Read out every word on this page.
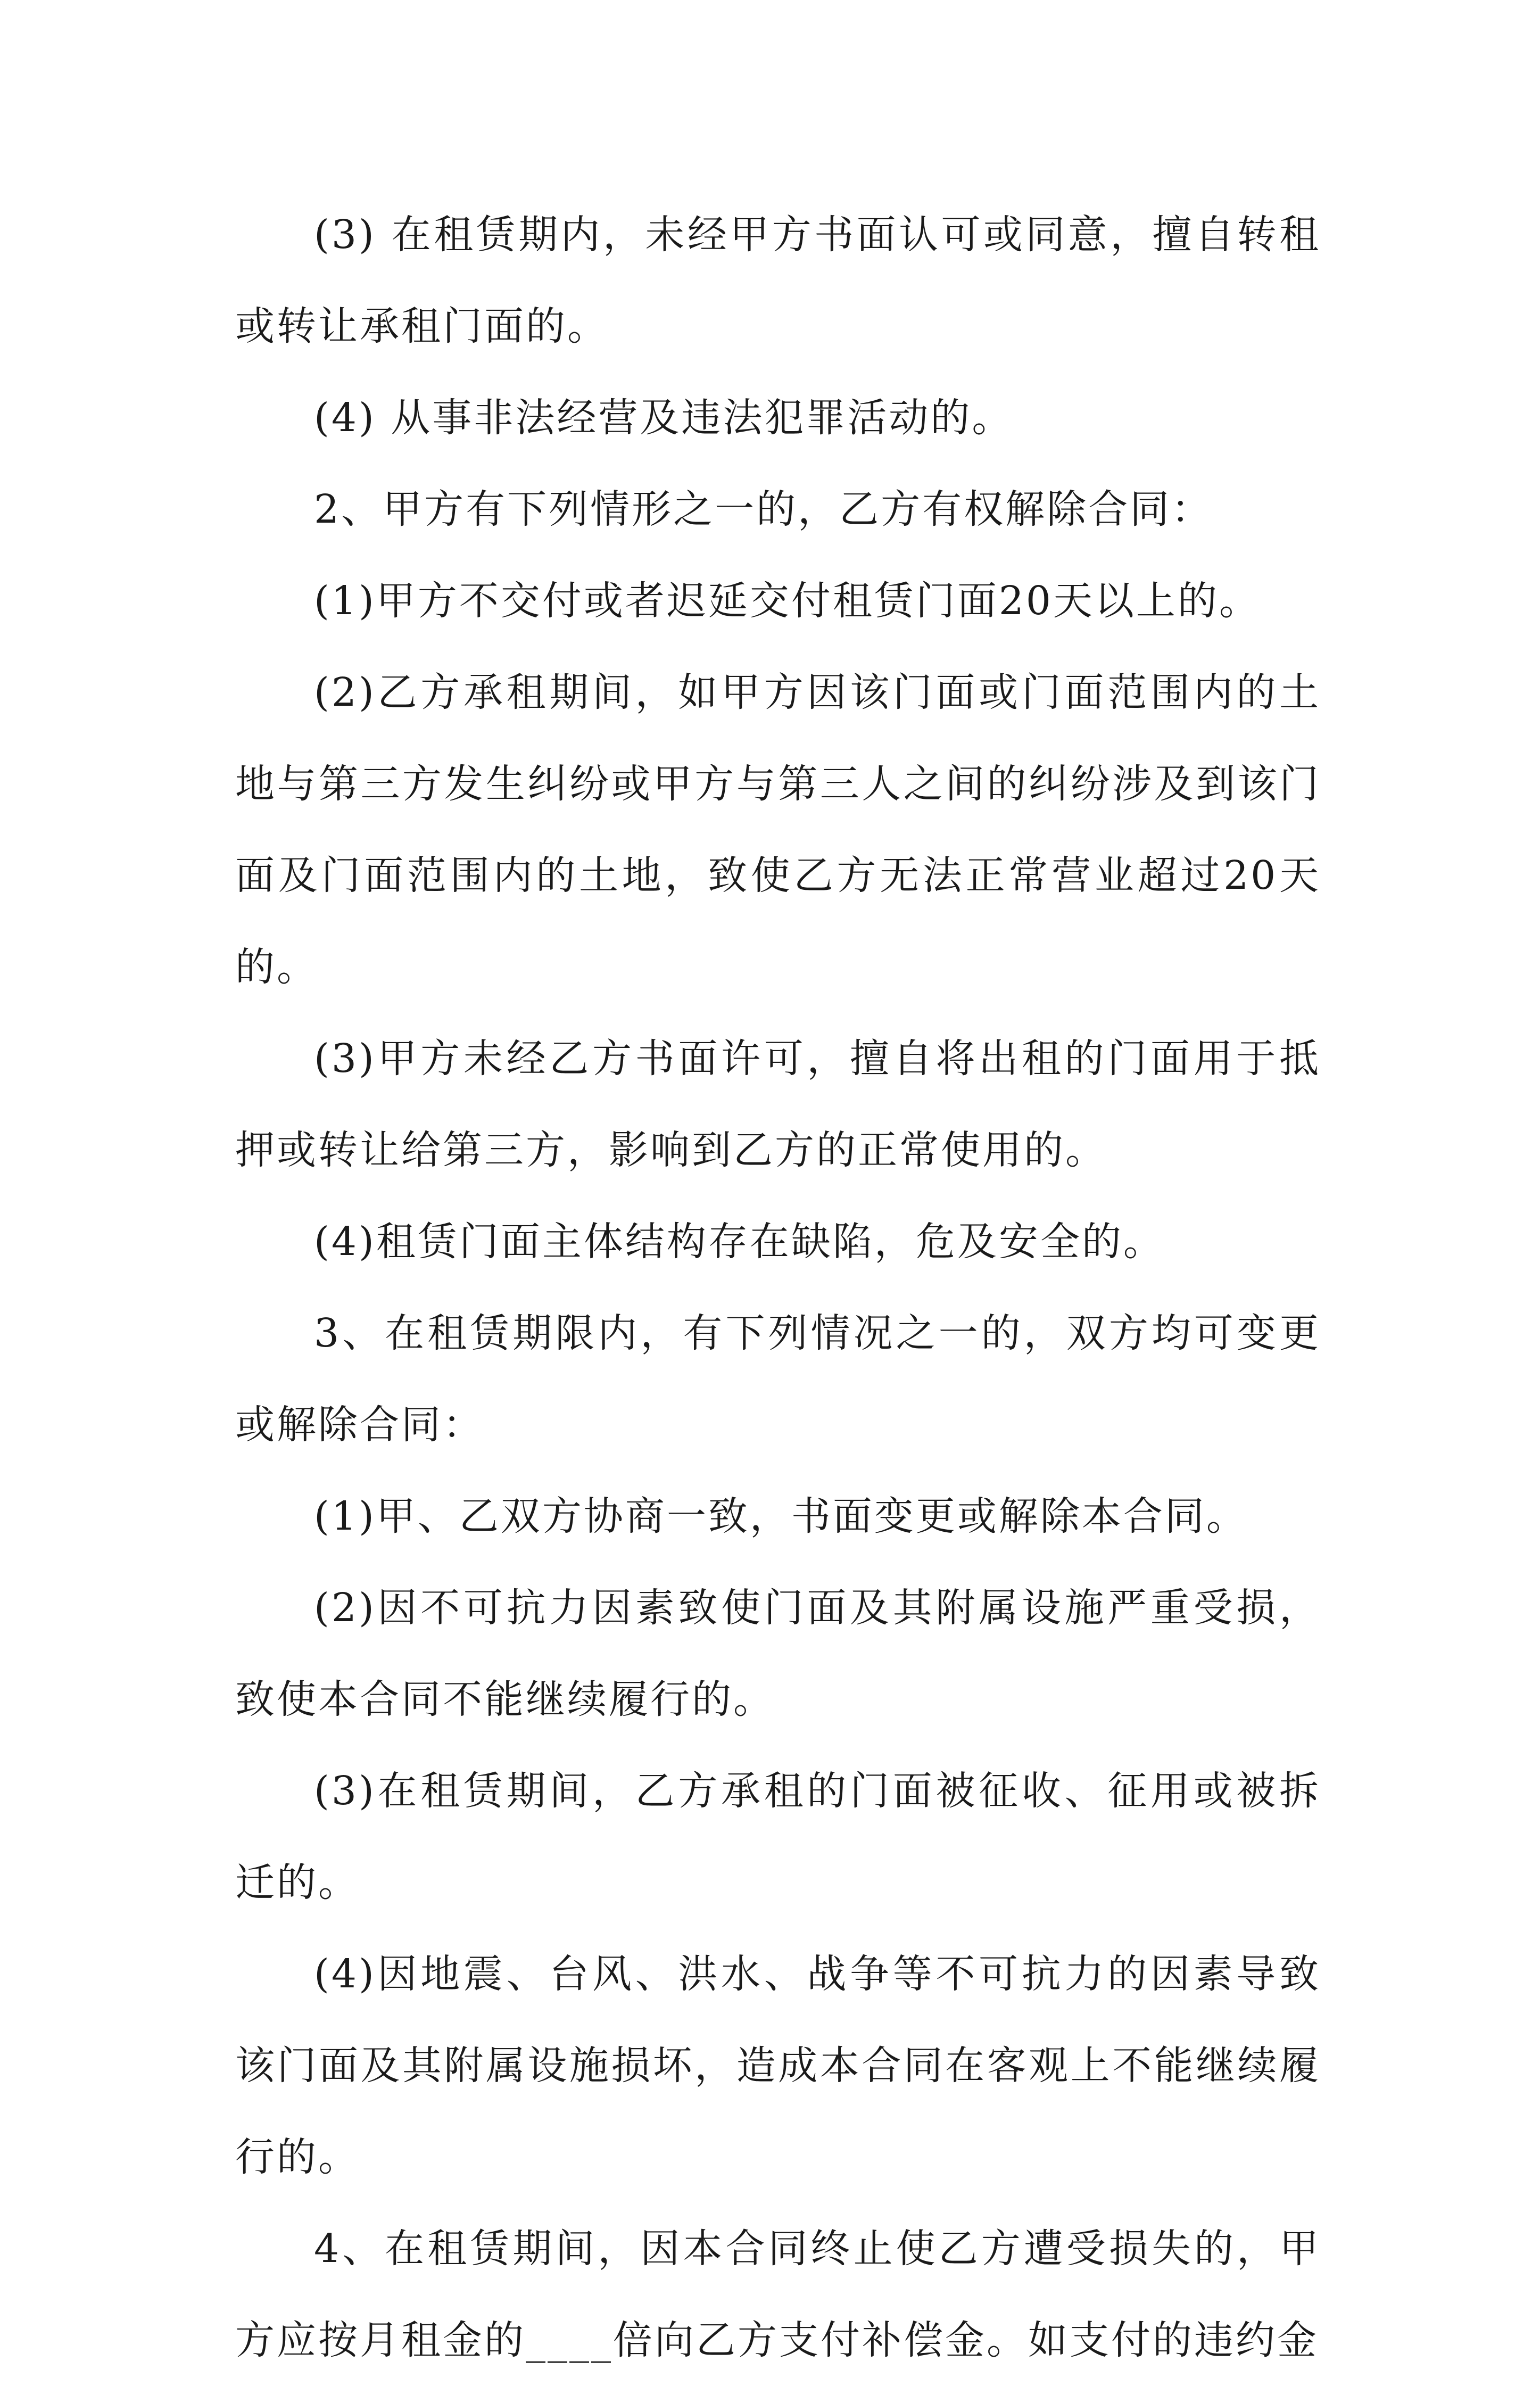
(3) 在租赁期内，未经甲方书面认可或同意，擅自转租或转让承租门面的。

(4) 从事非法经营及违法犯罪活动的。

2、甲方有下列情形之一的，乙方有权解除合同：

(1)甲方不交付或者迟延交付租赁门面20天以上的。

(2)乙方承租期间，如甲方因该门面或门面范围内的土地与第三方发生纠纷或甲方与第三人之间的纠纷涉及到该门面及门面范围内的土地，致使乙方无法正常营业超过20天的。

(3)甲方未经乙方书面许可，擅自将出租的门面用于抵押或转让给第三方，影响到乙方的正常使用的。

(4)租赁门面主体结构存在缺陷，危及安全的。

3、在租赁期限内，有下列情况之一的，双方均可变更或解除合同：

(1)甲、乙双方协商一致，书面变更或解除本合同。

(2)因不可抗力因素致使门面及其附属设施严重受损，致使本合同不能继续履行的。

(3)在租赁期间，乙方承租的门面被征收、征用或被拆迁的。

(4)因地震、台风、洪水、战争等不可抗力的因素导致该门面及其附属设施损坏，造成本合同在客观上不能继续履行的。

4、在租赁期间，因本合同终止使乙方遭受损失的，甲方应按月租金的____倍向乙方支付补偿金。如支付的违约金
